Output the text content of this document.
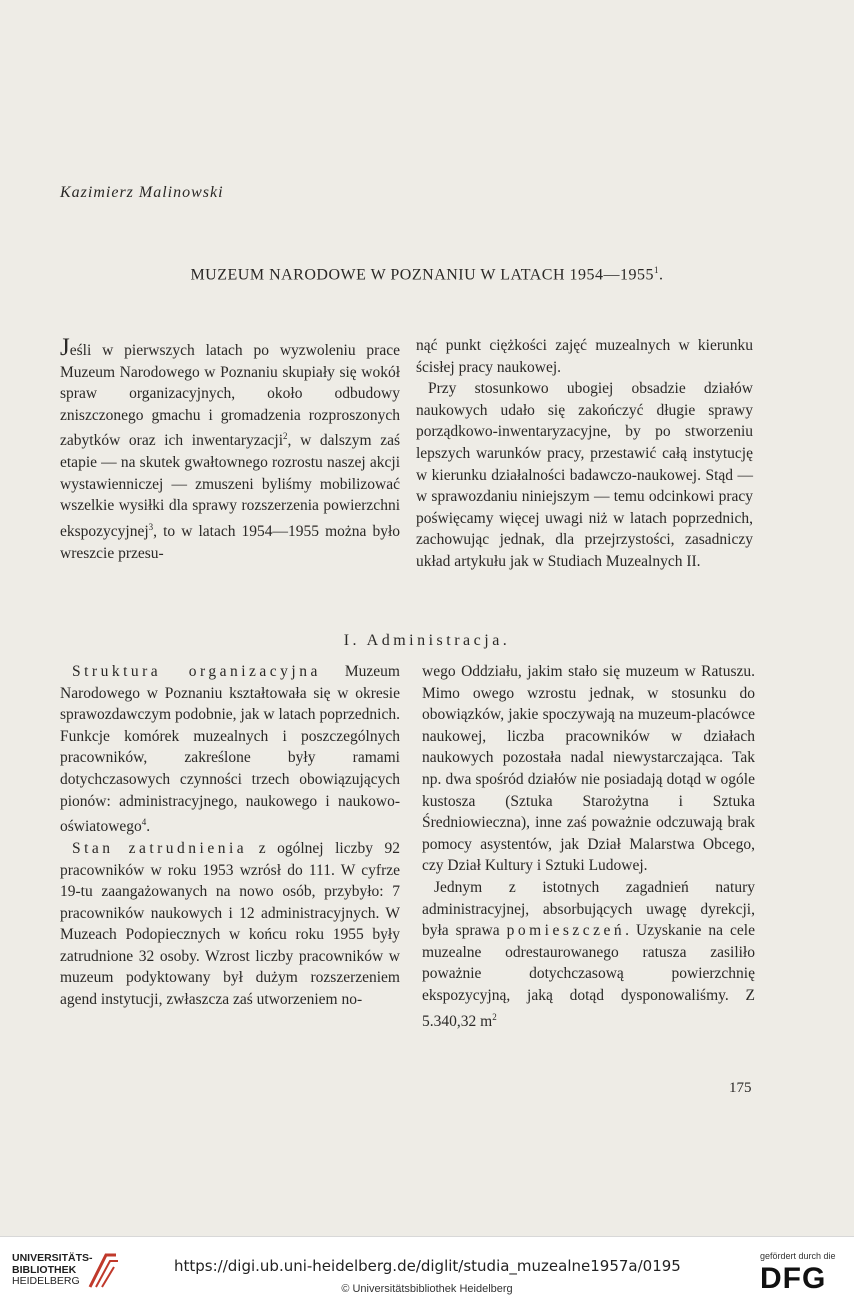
Kazimierz Malinowski
MUZEUM NARODOWE W POZNANIU W LATACH 1954—1955$^1$.

Jeśli w pierwszych latach po wyzwoleniu prace Muzeum Narodowego w Poznaniu skupiały się wokół spraw organizacyjnych, około odbudowy zniszczonego gmachu i gromadzenia rozproszonych zabytków oraz ich inwentaryzacji$^2$, w dalszym zaś etapie — na skutek gwałtownego rozrostu naszej akcji wystawienniczej — zmuszeni byliśmy mobilizować wszelkie wysiłki dla sprawy rozszerzenia powierzchni ekspozycyjnej$^3$, to w latach 1954—1955 można było wreszcie przesu-

nąć punkt ciężkości zajęć muzealnych w kierunku ścisłej pracy naukowej.

Przy stosunkowo ubogiej obsadzie działów naukowych udało się zakończyć długie sprawy porządkowo-inwentaryzacyjne, by po stworzeniu lepszych warunków pracy, przestawić całą instytucję w kierunku działalności badawczo-naukowej. Stąd — w sprawozdaniu niniejszym — temu odcinkowi pracy poświęcamy więcej uwagi niż w latach poprzednich, zachowując jednak, dla przejrzystości, zasadniczy układ artykułu jak w Studiach Muzealnych II.

I. Administracja.

Struktura organizacyjna Muzeum Narodowego w Poznaniu kształtowała się w okresie sprawozdawczym podobnie, jak w latach poprzednich. Funkcje komórek muzealnych i poszczególnych pracowników, zakreślone były ramami dotychczasowych czynności trzech obowiązujących pionów: administracyjnego, naukowego i naukowo-oświatowego$^4$.

Stan zatrudnienia z ogólnej liczby 92 pracowników w roku 1953 wzrósł do 111. W cyfrze 19-tu zaangażowanych na nowo osób, przybyło: 7 pracowników naukowych i 12 administracyjnych. W Muzeach Podopiecznych w końcu roku 1955 były zatrudnione 32 osoby. Wzrost liczby pracowników w muzeum podyktowany był dużym rozszerzeniem agend instytucji, zwłaszcza zaś utworzeniem no-

wego Oddziału, jakim stało się muzeum w Ratuszu. Mimo owego wzrostu jednak, w stosunku do obowiązków, jakie spoczywają na muzeum-placówce naukowej, liczba pracowników w działach naukowych pozostała nadal niewystarczająca. Tak np. dwa spośród działów nie posiadają dotąd w ogóle kustosza (Sztuka Starożytna i Sztuka Średniowieczna), inne zaś poważnie odczuwają brak pomocy asystentów, jak Dział Malarstwa Obcego, czy Dział Kultury i Sztuki Ludowej.

Jednym z istotnych zagadnień natury administracyjnej, absorbujących uwagę dyrekcji, była sprawa pomieszczeń. Uzyskanie na cele muzealne odrestaurowanego ratusza zasiliło poważnie dotychczasową powierzchnię ekspozycyjną, jaką dotąd dysponowaliśmy. Z 5.340,32 $m^2$

175
UNIVERSITÄTS-
BIBLIOTHEK
HEIDELBERG
https://digi.ub.uni-heidelberg.de/diglit/studia_muzealne1957a/0195
© Universitätsbibliothek Heidelberg
gefördert durch die
DFG
